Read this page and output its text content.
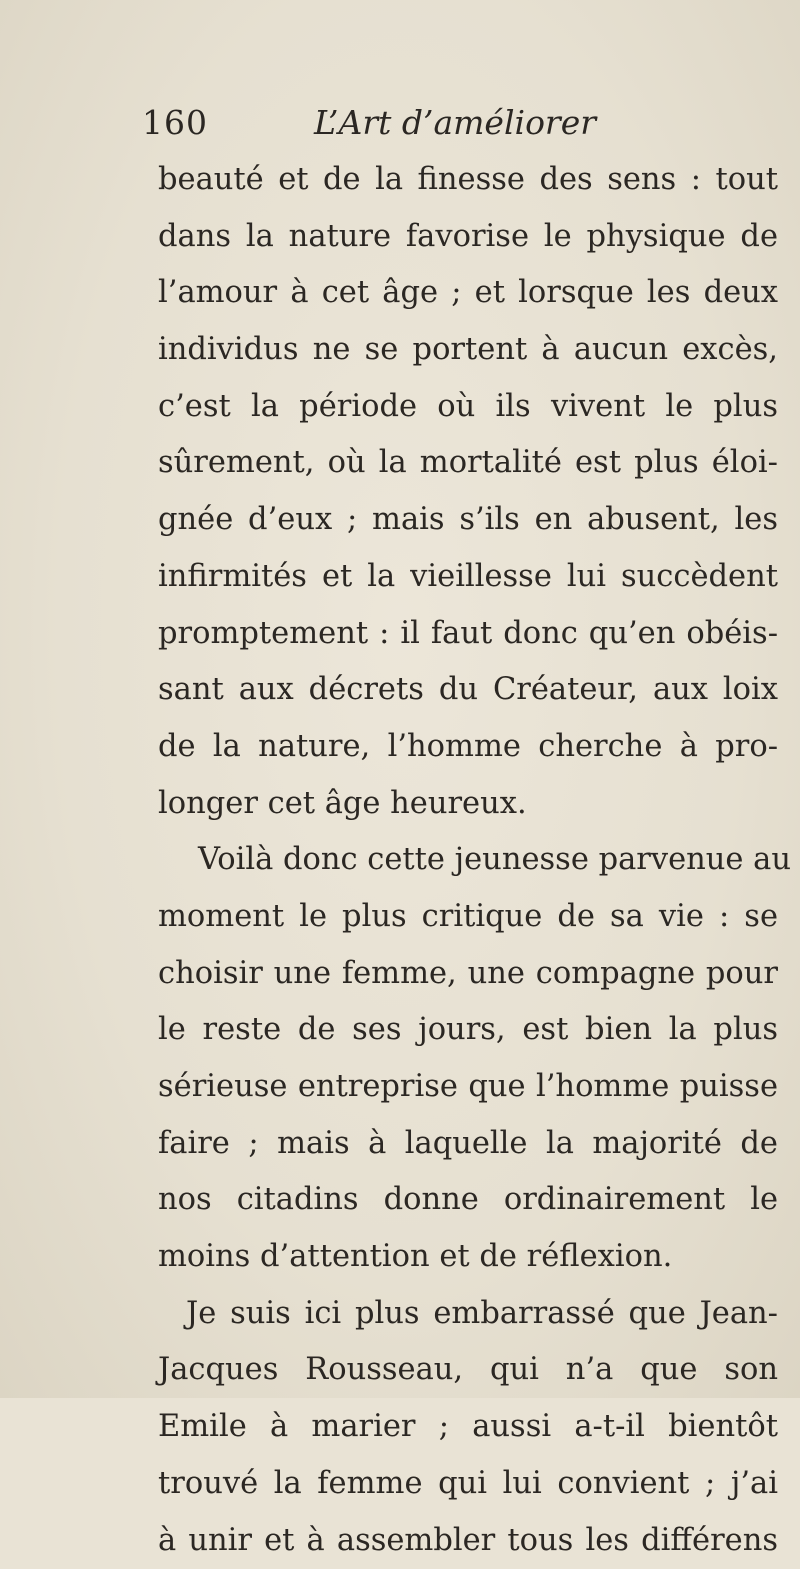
160	L’Art d’améliorer
beauté et de la finesse des sens : tout
dans la nature favorise le physique de
l’amour à cet âge ; et lorsque les deux
individus ne se portent à aucun excès,
c’est la période où ils vivent le plus
sûrement, où la mortalité est plus éloi-
gnée d’eux ; mais s’ils en abusent, les
infirmités et la vieillesse lui succèdent
promptement : il faut donc qu’en obéis-
sant aux décrets du Créateur, aux loix
de la nature, l’homme cherche à pro-
longer cet âge heureux.
Voilà donc cette jeunesse parvenue au
moment le plus critique de sa vie : se
choisir une femme, une compagne pour
le reste de ses jours, est bien la plus
sérieuse entreprise que l’homme puisse
faire ; mais à laquelle la majorité de
nos citadins donne ordinairement le
moins d’attention et de réflexion.
Je suis ici plus embarrassé que Jean-
Jacques Rousseau, qui n’a que son
Emile à marier ; aussi a-t-il bientôt
trouvé la femme qui lui convient ; j’ai
à unir et à assembler tous les différens
